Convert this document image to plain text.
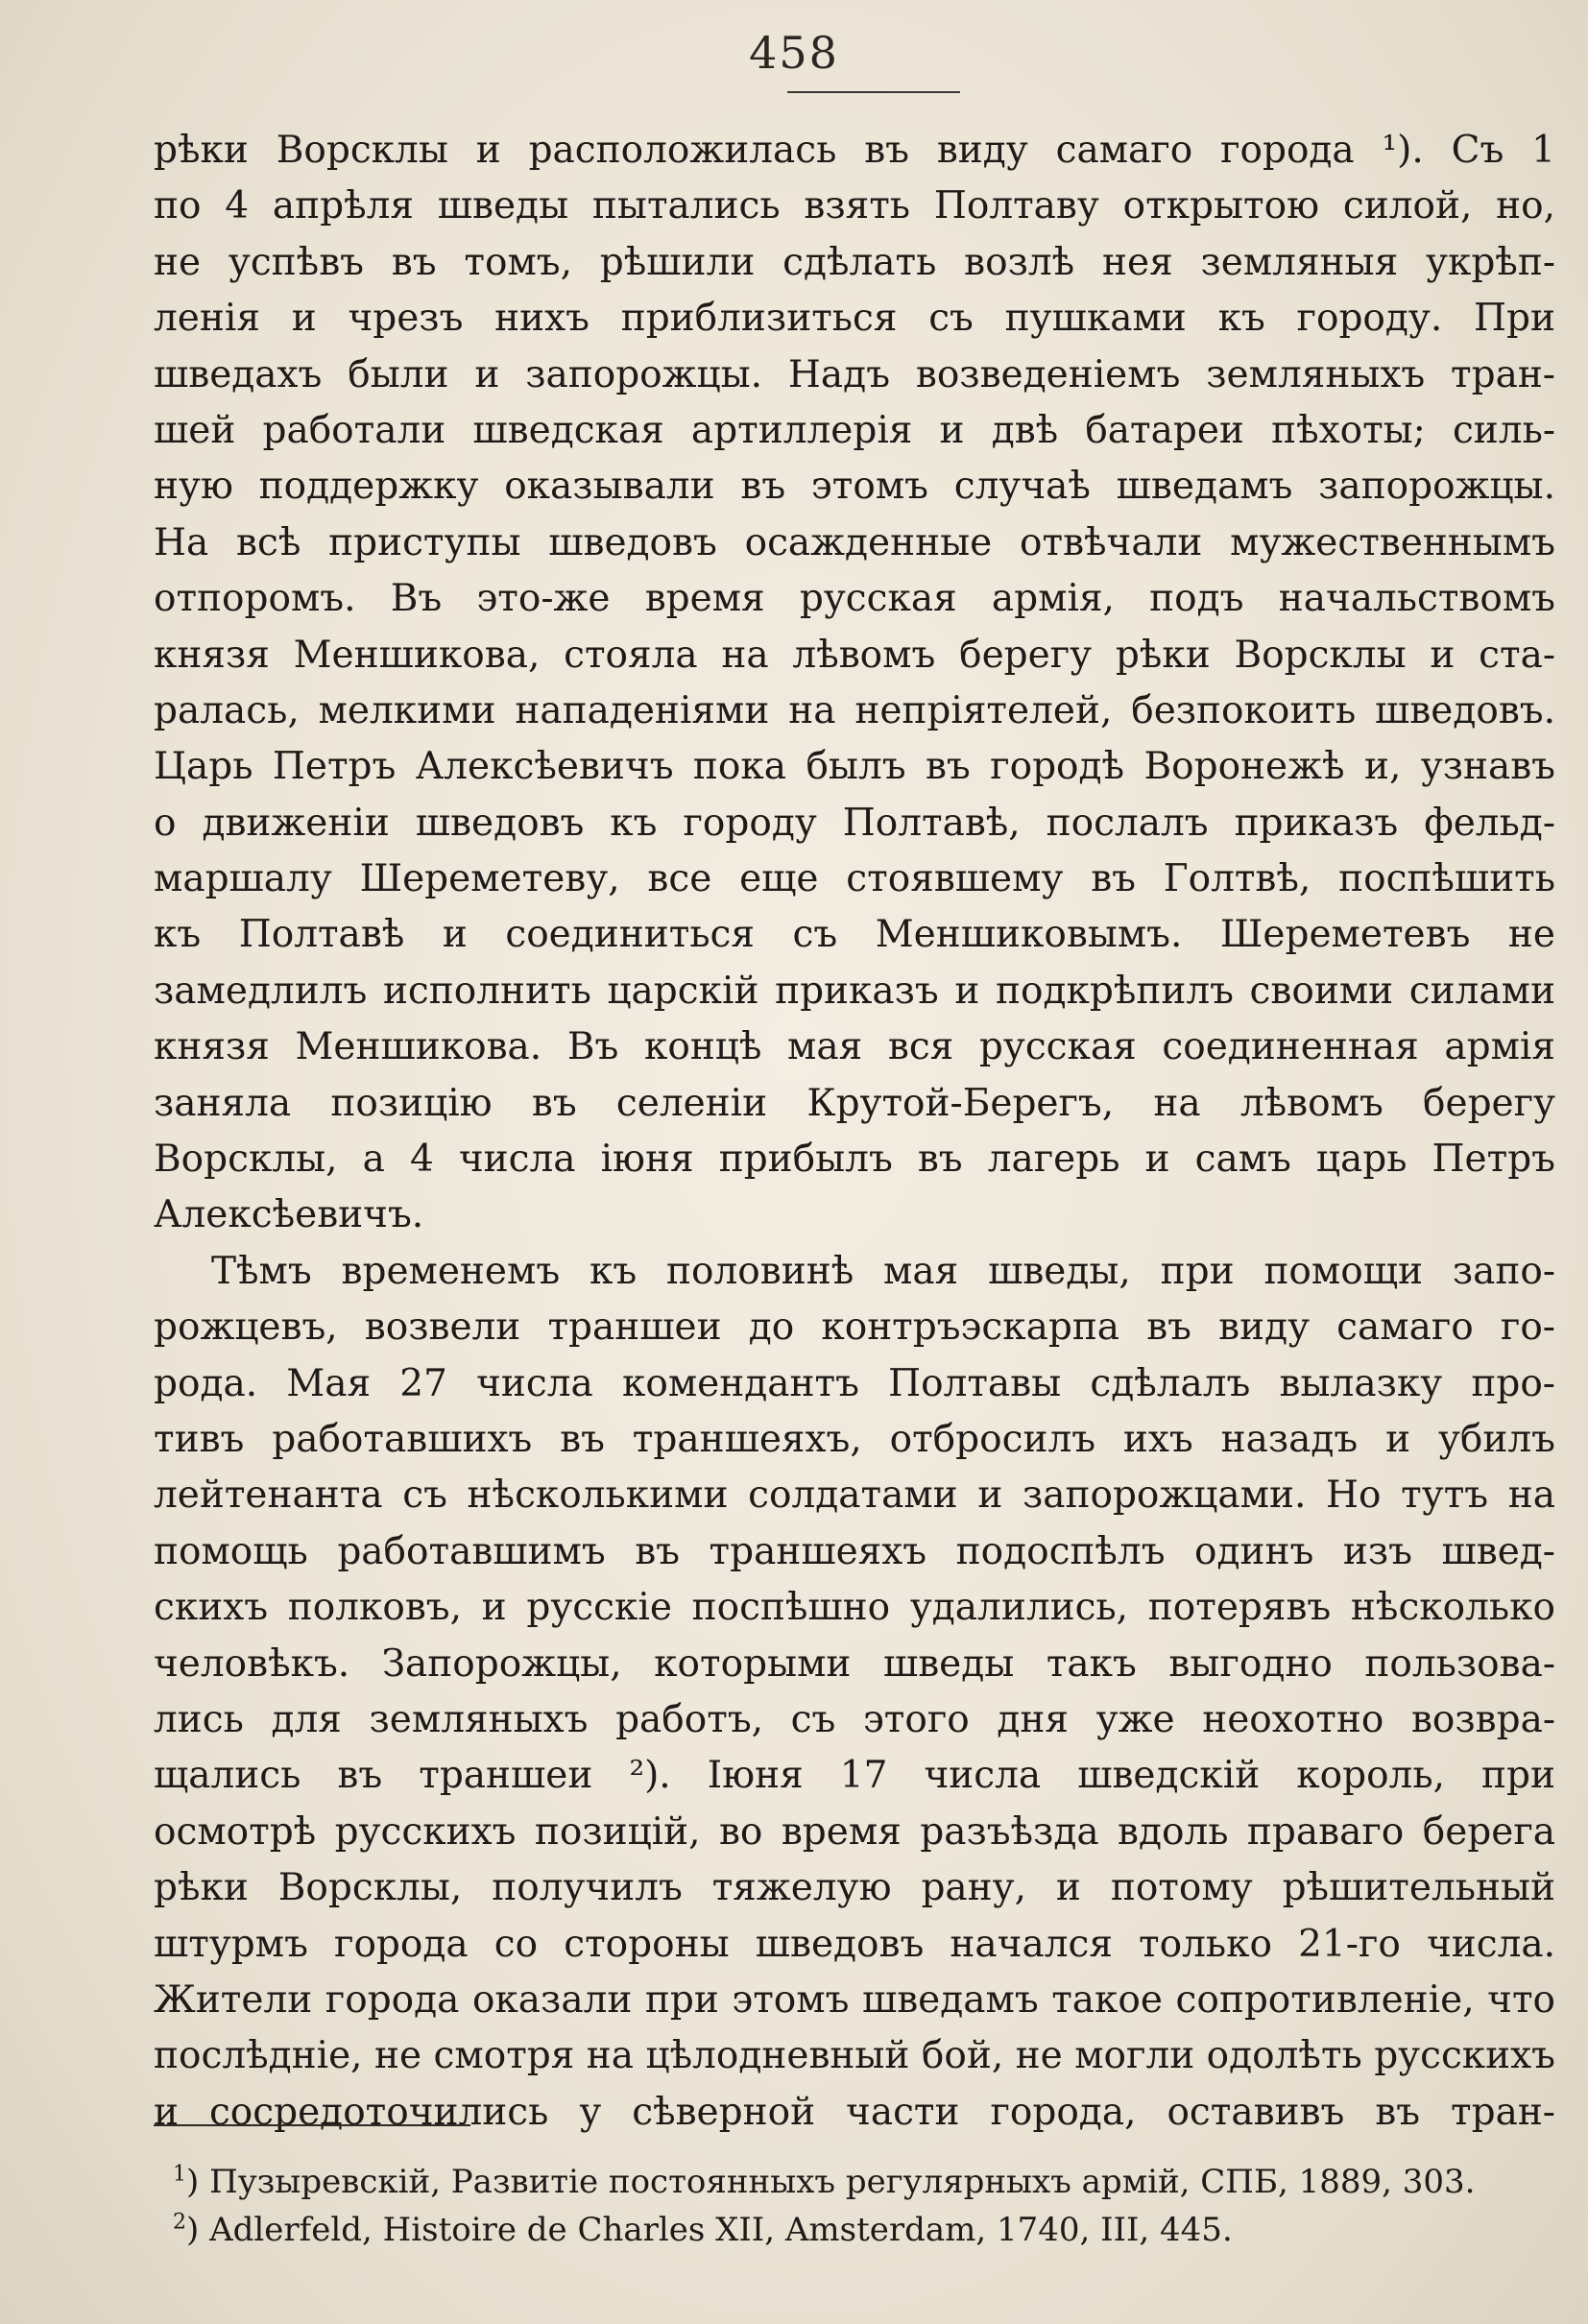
458
рѣки Ворсклы и расположилась въ виду самаго города ¹). Съ 1
по 4 апрѣля шведы пытались взять Полтаву открытою силой, но,
не успѣвъ въ томъ, рѣшили сдѣлать возлѣ нея земляныя укрѣп-
ленія и чрезъ нихъ приблизиться съ пушками къ городу. При
шведахъ были и запорожцы. Надъ возведеніемъ земляныхъ тран-
шей работали шведская артиллерія и двѣ батареи пѣхоты; силь-
ную поддержку оказывали въ этомъ случаѣ шведамъ запорожцы.
На всѣ приступы шведовъ осажденные отвѣчали мужественнымъ
отпоромъ. Въ это-же время русская армія, подъ начальствомъ
князя Меншикова, стояла на лѣвомъ берегу рѣки Ворсклы и ста-
ралась, мелкими нападеніями на непріятелей, безпокоить шведовъ.
Царь Петръ Алексѣевичъ пока былъ въ городѣ Воронежѣ и, узнавъ
о движеніи шведовъ къ городу Полтавѣ, послалъ приказъ фельд-
маршалу Шереметеву, все еще стоявшему въ Голтвѣ, поспѣшить
къ Полтавѣ и соединиться съ Меншиковымъ. Шереметевъ не
замедлилъ исполнить царскій приказъ и подкрѣпилъ своими силами
князя Меншикова. Въ концѣ мая вся русская соединенная армія
заняла позицію въ селеніи Крутой-Берегъ, на лѣвомъ берегу
Ворсклы, а 4 числа іюня прибылъ въ лагерь и самъ царь Петръ
Алексѣевичъ.
Тѣмъ временемъ къ половинѣ мая шведы, при помощи запо-
рожцевъ, возвели траншеи до контръэскарпа въ виду самаго го-
рода. Мая 27 числа комендантъ Полтавы сдѣлалъ вылазку про-
тивъ работавшихъ въ траншеяхъ, отбросилъ ихъ назадъ и убилъ
лейтенанта съ нѣсколькими солдатами и запорожцами. Но тутъ на
помощь работавшимъ въ траншеяхъ подоспѣлъ одинъ изъ швед-
скихъ полковъ, и русскіе поспѣшно удалились, потерявъ нѣсколько
человѣкъ. Запорожцы, которыми шведы такъ выгодно пользова-
лись для земляныхъ работъ, съ этого дня уже неохотно возвра-
щались въ траншеи ²). Іюня 17 числа шведскій король, при
осмотрѣ русскихъ позицій, во время разъѣзда вдоль праваго берега
рѣки Ворсклы, получилъ тяжелую рану, и потому рѣшительный
штурмъ города со стороны шведовъ начался только 21-го числа.
Жители города оказали при этомъ шведамъ такое сопротивленіе, что
послѣдніе, не смотря на цѣлодневный бой, не могли одолѣть русскихъ
и сосредоточились у сѣверной части города, оставивъ въ тран-
$^1$) Пузыревскій, Развитіе постоянныхъ регулярныхъ армій, СПБ, 1889, 303.
$^2$) Adlerfeld, Histoire de Charles XII, Amsterdam, 1740, III, 445.
